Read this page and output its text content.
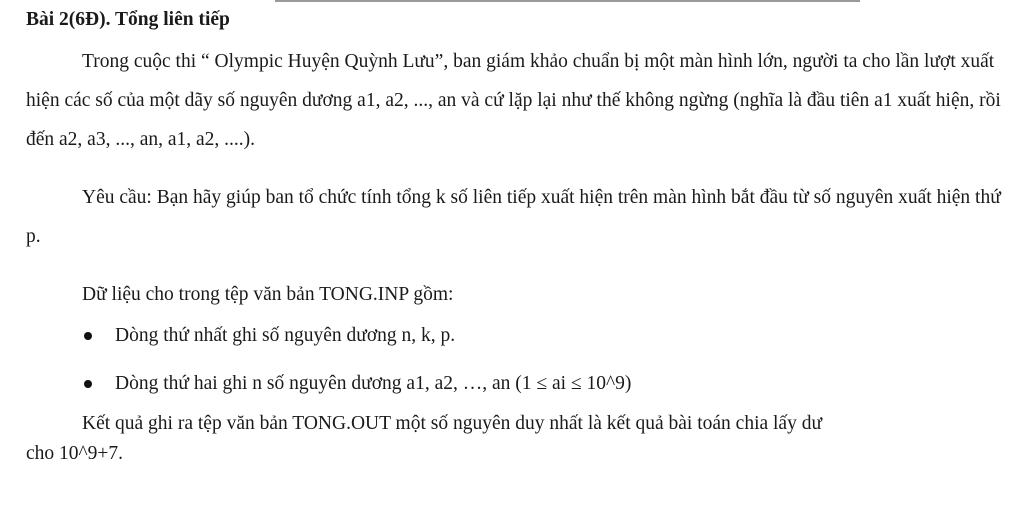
Bài 2(6Đ). Tổng liên tiếp

Trong cuộc thi “ Olympic Huyện Quỳnh Lưu”, ban giám khảo chuẩn bị một màn hình lớn, người ta cho lần lượt xuất hiện các số của một dãy số nguyên dương a1, a2, ..., an và cứ lặp lại như thế không ngừng (nghĩa là đầu tiên a1 xuất hiện, rồi đến a2, a3, ..., an, a1, a2, ....).

Yêu cầu: Bạn hãy giúp ban tổ chức tính tổng k số liên tiếp xuất hiện trên màn hình bắt đầu từ số nguyên xuất hiện thứ p.

Dữ liệu cho trong tệp văn bản TONG.INP gồm:

Dòng thứ nhất ghi số nguyên dương n, k, p.
Dòng thứ hai ghi n số nguyên dương a1, a2, …, an (1 ≤ ai ≤ 10^9)

Kết quả ghi ra tệp văn bản TONG.OUT một số nguyên duy nhất là kết quả bài toán chia lấy dư
cho 10^9+7.
